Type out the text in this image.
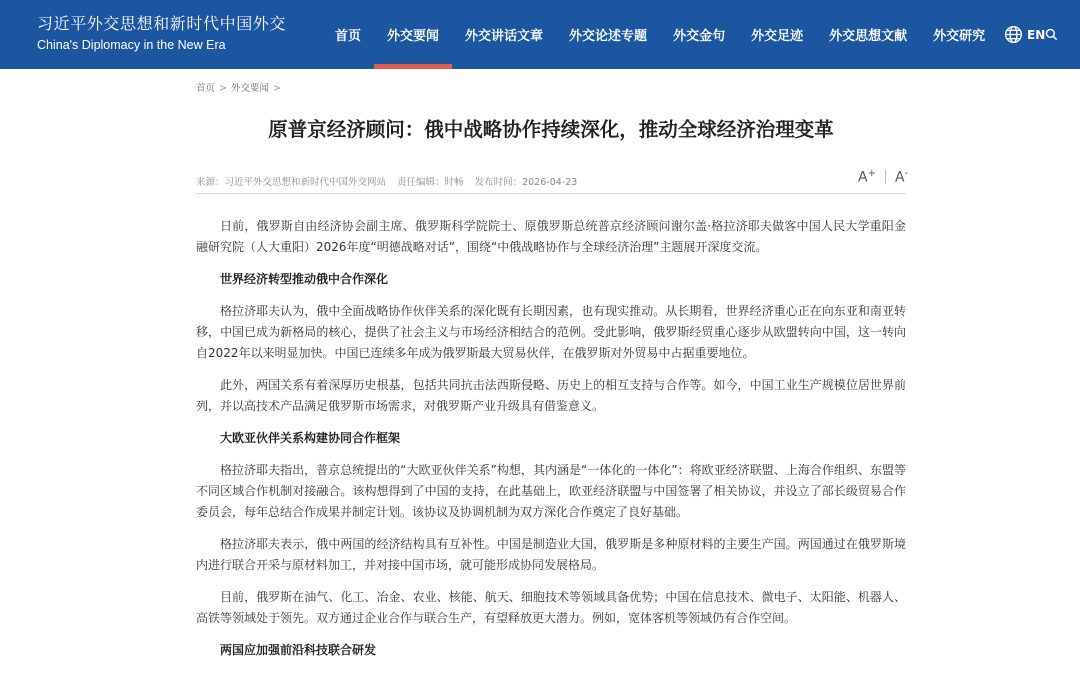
习近平外交思想和新时代中国外交
China's Diplomacy in the New Era
首页	外交要闻	外交讲话文章	外交论述专题	外交金句	外交足迹	外交思想文献	外交研究	EN
首页 > 外交要闻 >
原普京经济顾问：俄中战略协作持续深化，推动全球经济治理变革
来源：习近平外交思想和新时代中国外交网站 责任编辑：时畅 发布时间：2026-04-23	A+ A-

日前，俄罗斯自由经济协会副主席、俄罗斯科学院院士、原俄罗斯总统普京经济顾问谢尔盖·格拉济耶夫做客中国人民大学重阳金融研究院（人大重阳）2026年度“明德战略对话”，围绕“中俄战略协作与全球经济治理”主题展开深度交流。

世界经济转型推动俄中合作深化

格拉济耶夫认为，俄中全面战略协作伙伴关系的深化既有长期因素，也有现实推动。从长期看，世界经济重心正在向东亚和南亚转移，中国已成为新格局的核心，提供了社会主义与市场经济相结合的范例。受此影响，俄罗斯经贸重心逐步从欧盟转向中国，这一转向自2022年以来明显加快。中国已连续多年成为俄罗斯最大贸易伙伴，在俄罗斯对外贸易中占据重要地位。

此外，两国关系有着深厚历史根基，包括共同抗击法西斯侵略、历史上的相互支持与合作等。如今，中国工业生产规模位居世界前列，并以高技术产品满足俄罗斯市场需求，对俄罗斯产业升级具有借鉴意义。

大欧亚伙伴关系构建协同合作框架

格拉济耶夫指出，普京总统提出的“大欧亚伙伴关系”构想，其内涵是“一体化的一体化”：将欧亚经济联盟、上海合作组织、东盟等不同区域合作机制对接融合。该构想得到了中国的支持，在此基础上，欧亚经济联盟与中国签署了相关协议，并设立了部长级贸易合作委员会，每年总结合作成果并制定计划。该协议及协调机制为双方深化合作奠定了良好基础。

格拉济耶夫表示，俄中两国的经济结构具有互补性。中国是制造业大国，俄罗斯是多种原材料的主要生产国。两国通过在俄罗斯境内进行联合开采与原材料加工，并对接中国市场，就可能形成协同发展格局。

目前，俄罗斯在油气、化工、冶金、农业、核能、航天、细胞技术等领域具备优势；中国在信息技术、微电子、太阳能、机器人、高铁等领域处于领先。双方通过企业合作与联合生产，有望释放更大潜力。例如，宽体客机等领域仍有合作空间。

两国应加强前沿科技联合研发
